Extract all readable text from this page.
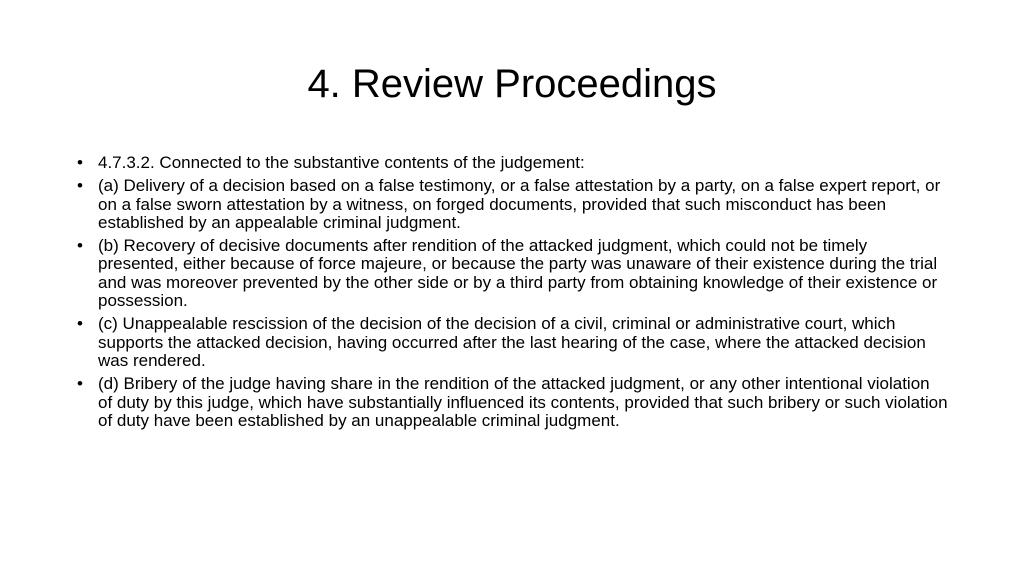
4. Review Proceedings
• 4.7.3.2. Connected to the substantive contents of the judgement:
• (a) Delivery of a decision based on a false testimony, or a false attestation by a party, on a false expert report, or on a false sworn attestation by a witness, on forged documents, provided that such misconduct has been established by an appealable criminal judgment.
• (b) Recovery of decisive documents after rendition of the attacked judgment, which could not be timely presented, either because of force majeure, or because the party was unaware of their existence during the trial and was moreover prevented by the other side or by a third party from obtaining knowledge of their existence or possession.
• (c) Unappealable rescission of the decision of the decision of a civil, criminal or administrative court, which supports the attacked decision, having occurred after the last hearing of the case, where the attacked decision was rendered.
• (d) Bribery of the judge having share in the rendition of the attacked judgment, or any other intentional violation of duty by this judge, which have substantially influenced its contents, provided that such bribery or such violation of duty have been established by an unappealable criminal judgment.
